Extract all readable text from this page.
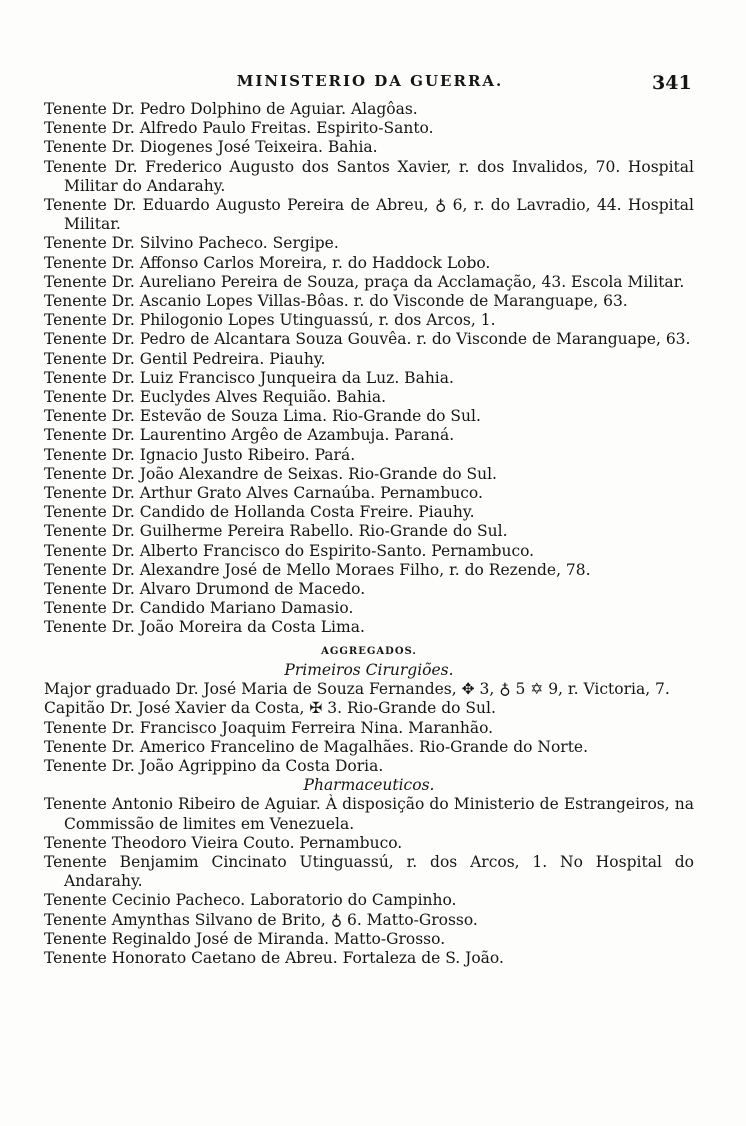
MINISTERIO DA GUERRA.	341
Tenente Dr. Pedro Dolphino de Aguiar. Alagôas.
Tenente Dr. Alfredo Paulo Freitas. Espirito-Santo.
Tenente Dr. Diogenes José Teixeira. Bahia.
Tenente Dr. Frederico Augusto dos Santos Xavier, r. dos Invalidos, 70. Hospital Militar do Andarahy.
Tenente Dr. Eduardo Augusto Pereira de Abreu, ♁ 6, r. do Lavradio, 44. Hospital Militar.
Tenente Dr. Silvino Pacheco. Sergipe.
Tenente Dr. Affonso Carlos Moreira, r. do Haddock Lobo.
Tenente Dr. Aureliano Pereira de Souza, praça da Acclamação, 43. Escola Militar.
Tenente Dr. Ascanio Lopes Villas-Bôas. r. do Visconde de Maranguape, 63.
Tenente Dr. Philogonio Lopes Utinguassú, r. dos Arcos, 1.
Tenente Dr. Pedro de Alcantara Souza Gouvêa. r. do Visconde de Maranguape, 63.
Tenente Dr. Gentil Pedreira. Piauhy.
Tenente Dr. Luiz Francisco Junqueira da Luz. Bahia.
Tenente Dr. Euclydes Alves Requião. Bahia.
Tenente Dr. Estevão de Souza Lima. Rio-Grande do Sul.
Tenente Dr. Laurentino Argêo de Azambuja. Paraná.
Tenente Dr. Ignacio Justo Ribeiro. Pará.
Tenente Dr. João Alexandre de Seixas. Rio-Grande do Sul.
Tenente Dr. Arthur Grato Alves Carnaúba. Pernambuco.
Tenente Dr. Candido de Hollanda Costa Freire. Piauhy.
Tenente Dr. Guilherme Pereira Rabello. Rio-Grande do Sul.
Tenente Dr. Alberto Francisco do Espirito-Santo. Pernambuco.
Tenente Dr. Alexandre José de Mello Moraes Filho, r. do Rezende, 78.
Tenente Dr. Alvaro Drumond de Macedo.
Tenente Dr. Candido Mariano Damasio.
Tenente Dr. João Moreira da Costa Lima.
AGGREGADOS.
Primeiros Cirurgiões.
Major graduado Dr. José Maria de Souza Fernandes, ✥ 3, ♁ 5 ✡ 9, r. Victoria, 7.
Capitão Dr. José Xavier da Costa, ✠ 3. Rio-Grande do Sul.
Tenente Dr. Francisco Joaquim Ferreira Nina. Maranhão.
Tenente Dr. Americo Francelino de Magalhães. Rio-Grande do Norte.
Tenente Dr. João Agrippino da Costa Doria.
Pharmaceuticos.
Tenente Antonio Ribeiro de Aguiar. À disposição do Ministerio de Estrangeiros, na Commissão de limites em Venezuela.
Tenente Theodoro Vieira Couto. Pernambuco.
Tenente Benjamim Cincinato Utinguassú, r. dos Arcos, 1. No Hospital do Andarahy.
Tenente Cecinio Pacheco. Laboratorio do Campinho.
Tenente Amynthas Silvano de Brito, ♁ 6. Matto-Grosso.
Tenente Reginaldo José de Miranda. Matto-Grosso.
Tenente Honorato Caetano de Abreu. Fortaleza de S. João.
